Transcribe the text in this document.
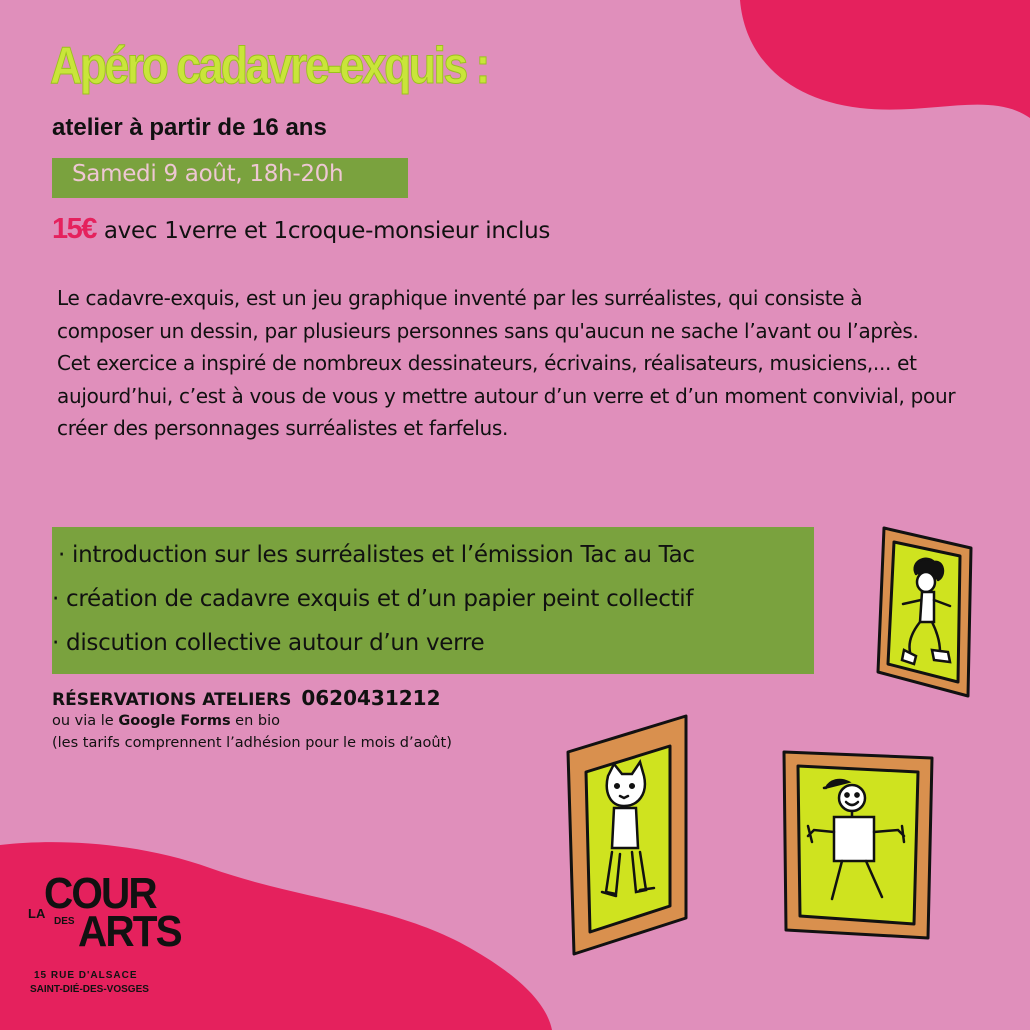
Apéro cadavre-exquis :
atelier à partir de 16 ans
Samedi 9 août, 18h-20h
15€ avec 1verre et 1croque-monsieur inclus

Le cadavre-exquis, est un jeu graphique inventé par les surréalistes, qui consiste à composer un dessin, par plusieurs personnes sans qu'aucun ne sache l’avant ou l’après.

Cet exercice a inspiré de nombreux dessinateurs, écrivains, réalisateurs, musiciens,... et aujourd’hui, c’est à vous de vous y mettre autour d’un verre et d’un moment convivial, pour créer des personnages surréalistes et farfelus.

· introduction sur les surréalistes et l’émission Tac au Tac
· création de cadavre exquis et d’un papier peint collectif
· discution collective autour d’un verre
RÉSERVATIONS ATELIERS 0620431212
ou via le Google Forms en bio
(les tarifs comprennent l’adhésion pour le mois d’août)
LA
COUR
DES ARTS
15 RUE D'ALSACE
SAINT-DIÉ-DES-VOSGES
